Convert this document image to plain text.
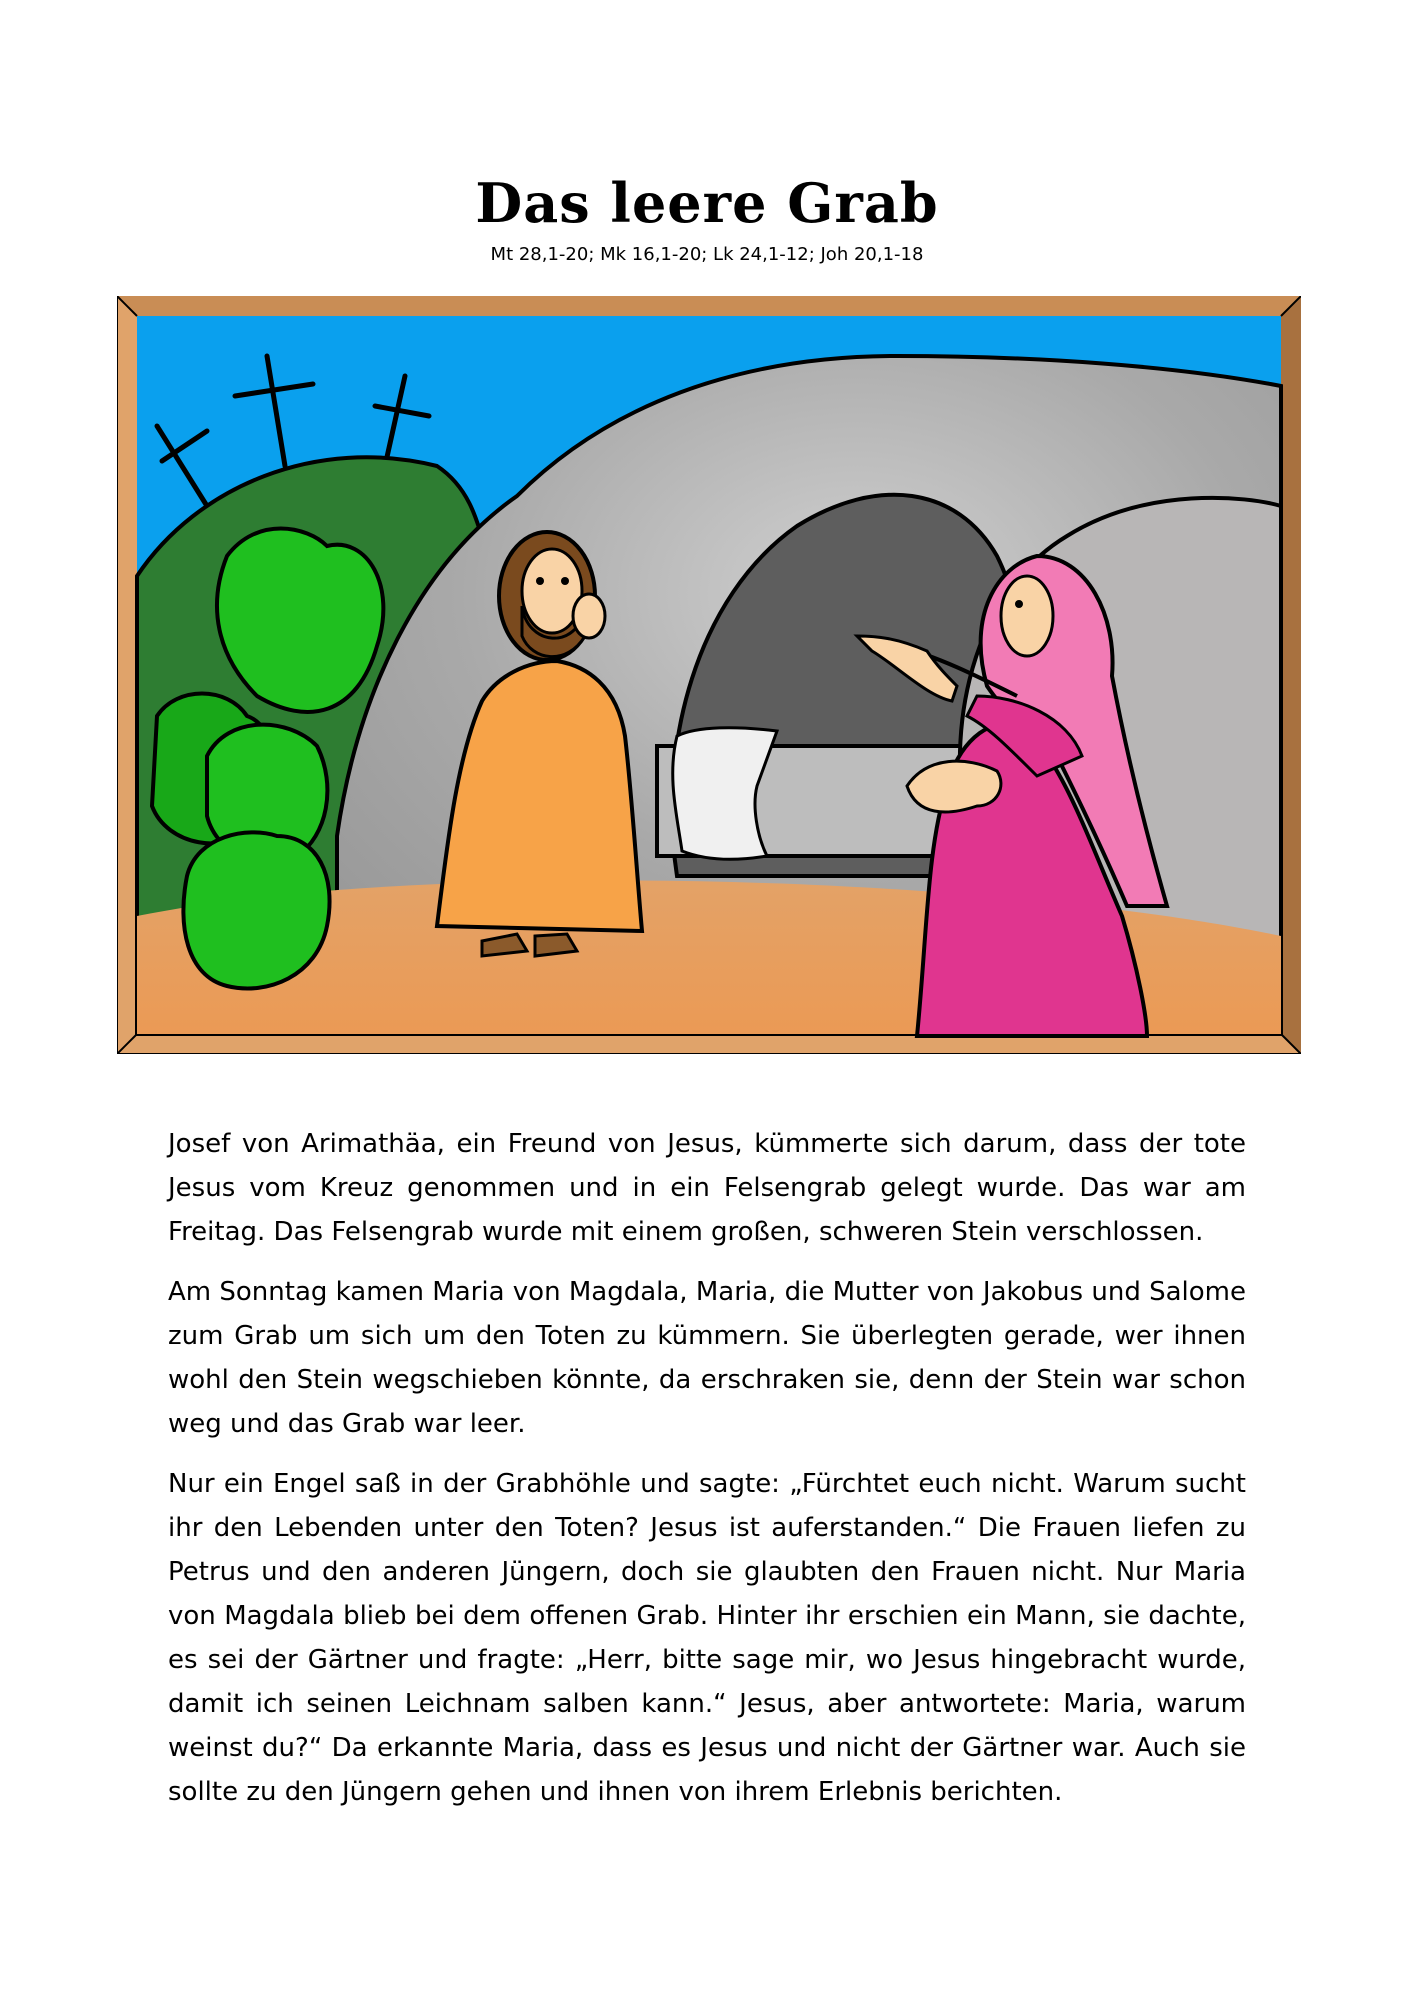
Das leere Grab
Mt 28,1-20; Mk 16,1-20; Lk 24,1-12; Joh 20,1-18

Josef von Arimathäa, ein Freund von Jesus, kümmerte sich darum, dass der tote Jesus vom Kreuz genommen und in ein Felsengrab gelegt wurde. Das war am Freitag. Das Felsengrab wurde mit einem großen, schweren Stein verschlossen.

Am Sonntag kamen Maria von Magdala, Maria, die Mutter von Jakobus und Salome zum Grab um sich um den Toten zu kümmern. Sie überlegten gerade, wer ihnen wohl den Stein wegschieben könnte, da erschraken sie, denn der Stein war schon weg und das Grab war leer.

Nur ein Engel saß in der Grabhöhle und sagte: „Fürchtet euch nicht. Warum sucht ihr den Lebenden unter den Toten? Jesus ist auferstanden.“ Die Frauen liefen zu Petrus und den anderen Jüngern, doch sie glaubten den Frauen nicht. Nur Maria von Magdala blieb bei dem offenen Grab. Hinter ihr erschien ein Mann, sie dachte, es sei der Gärtner und fragte: „Herr, bitte sage mir, wo Jesus hingebracht wurde, damit ich seinen Leichnam salben kann.“ Jesus, aber antwortete: Maria, warum weinst du?“ Da erkannte Maria, dass es Jesus und nicht der Gärtner war. Auch sie sollte zu den Jüngern gehen und ihnen von ihrem Erlebnis berichten.
